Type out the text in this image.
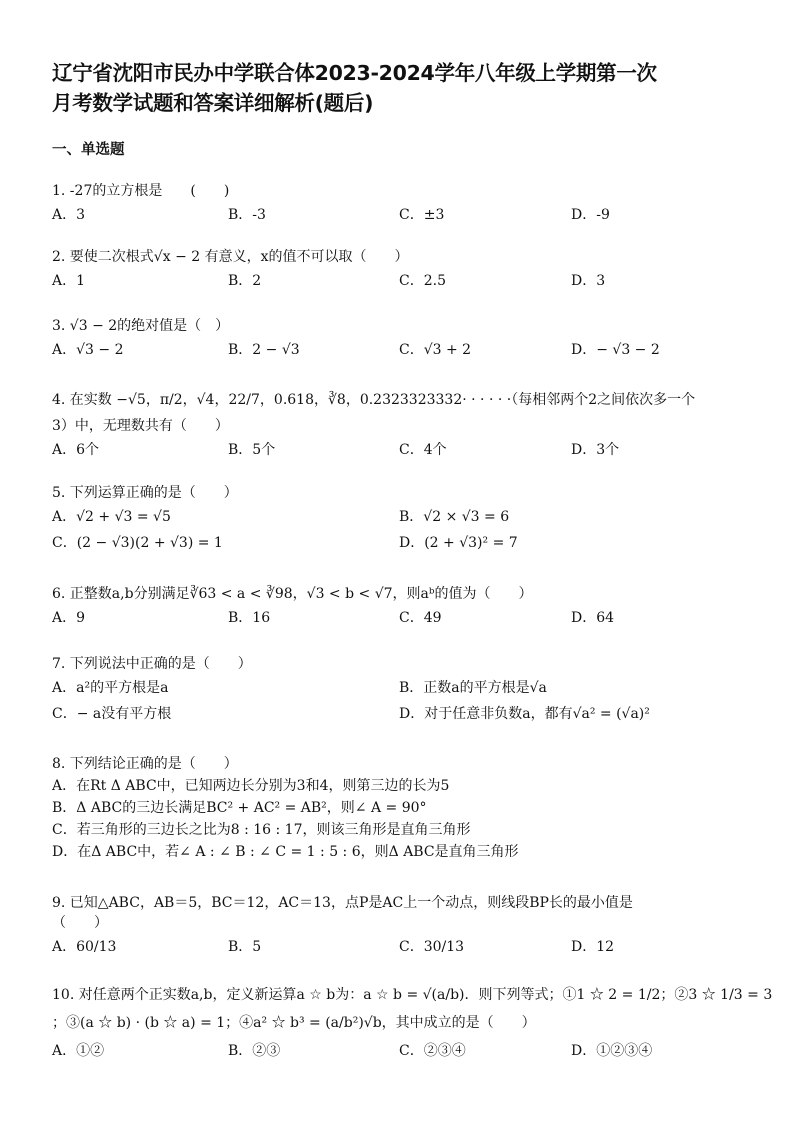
辽宁省沈阳市民办中学联合体2023-2024学年八年级上学期第一次
月考数学试题和答案详细解析(题后)
一、单选题
1. -27的立方根是　　(　　)
A．3	B．-3	C．±3	D．-9
2. 要使二次根式√x − 2 有意义，x的值不可以取（　　）
A．1	B．2	C．2.5	D．3
3. √3 − 2的绝对值是（　）
A．√3 − 2	B．2 − √3	C．√3 + 2	D．− √3 − 2
4. 在实数 −√5，π/2，√4，22/7，0.618，∛8，0.2323323332· · · · · ·（每相邻两个2之间依次多一个
3）中，无理数共有（　　）
A．6个	B．5个	C．4个	D．3个
5. 下列运算正确的是（　　）
A．√2 + √3 = √5	B．√2 × √3 = 6
C．(2 − √3)(2 + √3) = 1	D．(2 + √3)² = 7
6. 正整数a,b分别满足∛63 < a < ∛98，√3 < b < √7，则aᵇ的值为（　　）
A．9	B．16	C．49	D．64
7. 下列说法中正确的是（　　）
A．a²的平方根是a	B．正数a的平方根是√a
C．− a没有平方根	D．对于任意非负数a，都有√a² = (√a)²
8. 下列结论正确的是（　　）
A．在Rt Δ ABC中，已知两边长分别为3和4，则第三边的长为5
B．Δ ABC的三边长满足BC² + AC² = AB²，则∠ A = 90°
C．若三角形的三边长之比为8 : 16 : 17，则该三角形是直角三角形
D．在Δ ABC中，若∠ A : ∠ B : ∠ C = 1 : 5 : 6，则Δ ABC是直角三角形
9. 已知△ABC，AB＝5，BC＝12，AC＝13，点P是AC上一个动点，则线段BP长的最小值是
（　　）
A．60/13	B．5	C．30/13	D．12
10. 对任意两个正实数a,b，定义新运算a ☆ b为：a ☆ b = √(a/b)．则下列等式；①1 ☆ 2 = 1/2；②3 ☆ 1/3 = 3
；③(a ☆ b) · (b ☆ a) = 1；④a² ☆ b³ = (a/b²)√b，其中成立的是（　　）
A．①②	B．②③	C．②③④	D．①②③④
